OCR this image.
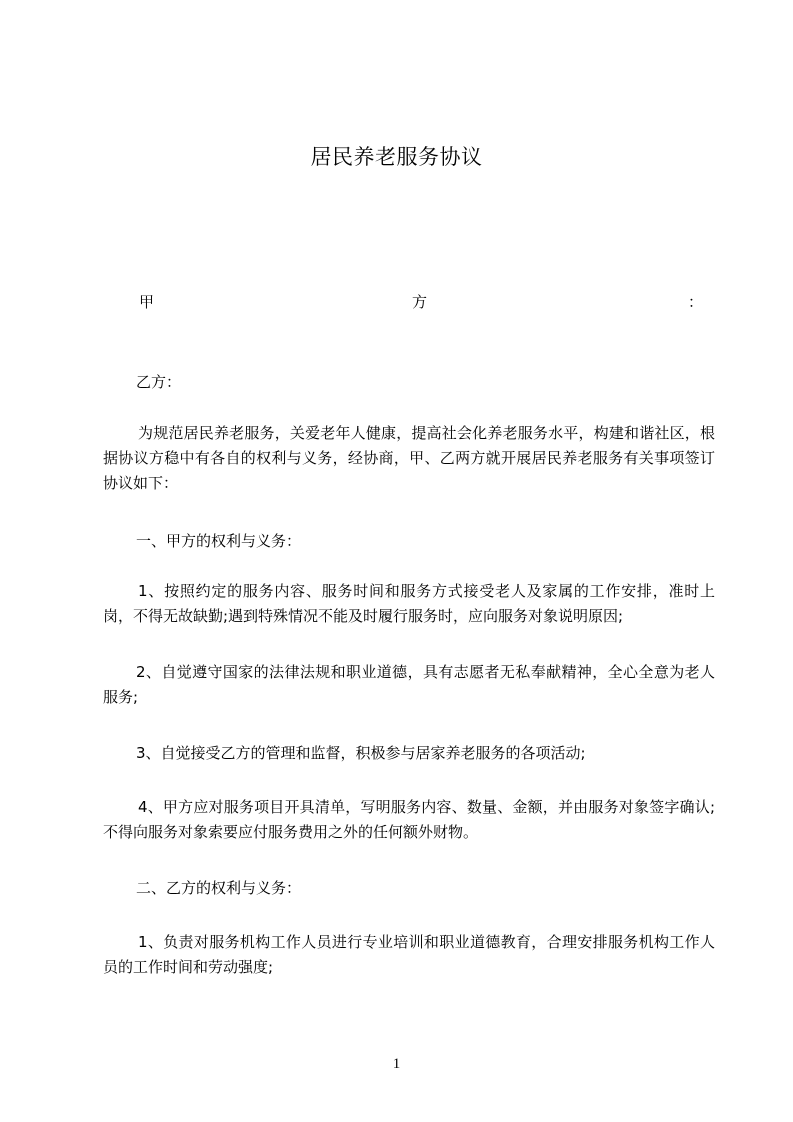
居民养老服务协议
甲	方	：

乙方：

为规范居民养老服务，关爱老年人健康，提高社会化养老服务水平，构建和谐社区，根据协议方稳中有各自的权利与义务，经协商，甲、乙两方就开展居民养老服务有关事项签订协议如下：

一、甲方的权利与义务：

1、按照约定的服务内容、服务时间和服务方式接受老人及家属的工作安排，准时上岗，不得无故缺勤;遇到特殊情况不能及时履行服务时，应向服务对象说明原因;

2、自觉遵守国家的法律法规和职业道德，具有志愿者无私奉献精神，全心全意为老人服务;

3、自觉接受乙方的管理和监督，积极参与居家养老服务的各项活动;

4、甲方应对服务项目开具清单，写明服务内容、数量、金额，并由服务对象签字确认;不得向服务对象索要应付服务费用之外的任何额外财物。

二、乙方的权利与义务：

1、负责对服务机构工作人员进行专业培训和职业道德教育，合理安排服务机构工作人员的工作时间和劳动强度;

1
